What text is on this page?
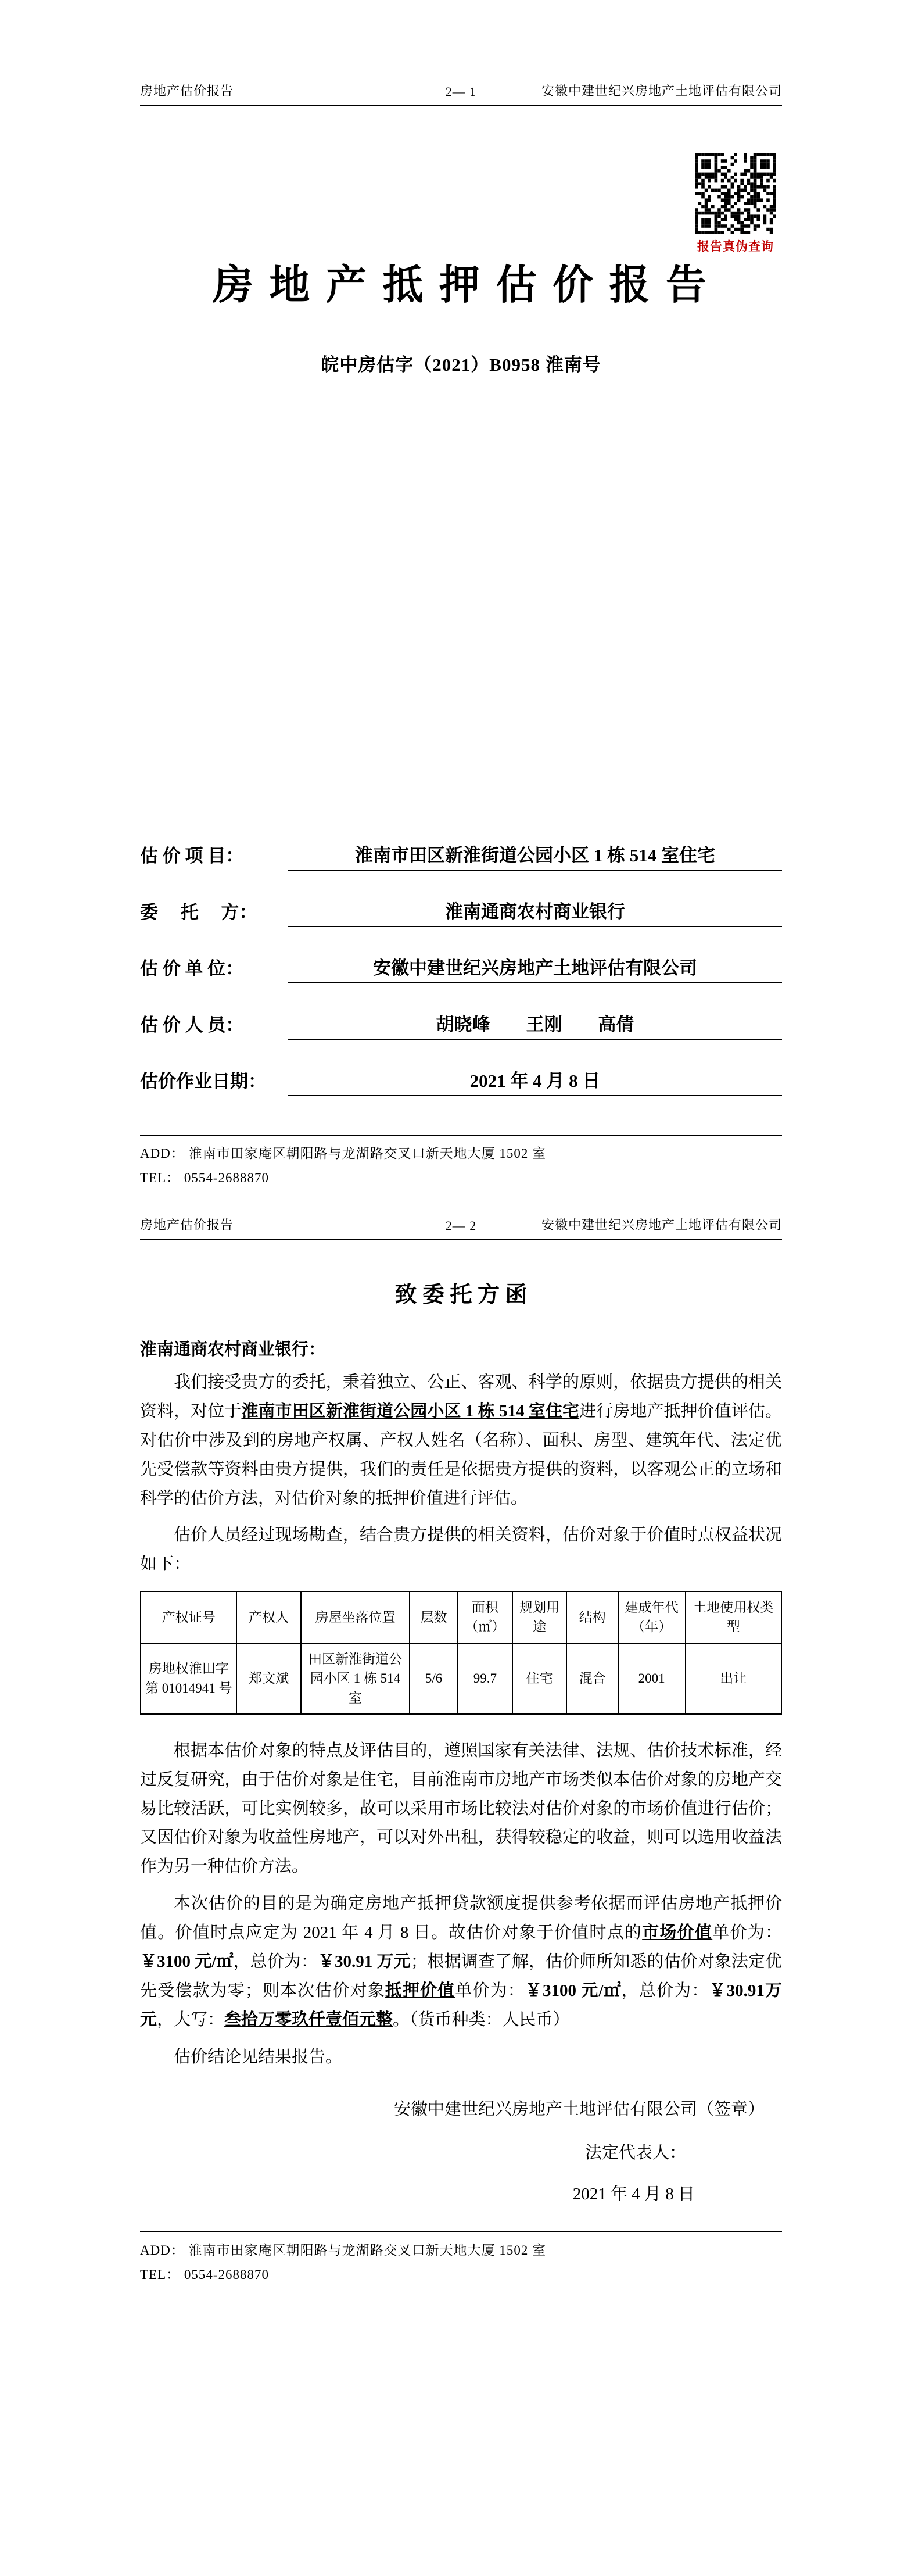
房地产估价报告	2— 1	安徽中建世纪兴房地产土地评估有限公司
报告真伪查询
房 地 产 抵 押 估 价 报 告
皖中房估字（2021）B0958 淮南号
估 价 项 目：	淮南市田区新淮街道公园小区 1 栋 514 室住宅
委　 托　 方：	淮南通商农村商业银行
估 价 单 位：	安徽中建世纪兴房地产土地评估有限公司
估 价 人 员：	胡晓峰　　王刚　　高倩
估价作业日期：	2021 年 4 月 8 日
ADD： 淮南市田家庵区朝阳路与龙湖路交叉口新天地大厦 1502 室
TEL： 0554-2688870
房地产估价报告	2— 2	安徽中建世纪兴房地产土地评估有限公司
致 委 托 方 函
淮南通商农村商业银行：

我们接受贵方的委托，秉着独立、公正、客观、科学的原则，依据贵方提供的相关资料，对位于淮南市田区新淮街道公园小区 1 栋 514 室住宅进行房地产抵押价值评估。对估价中涉及到的房地产权属、产权人姓名（名称）、面积、房型、建筑年代、法定优先受偿款等资料由贵方提供，我们的责任是依据贵方提供的资料，以客观公正的立场和科学的估价方法，对估价对象的抵押价值进行评估。

估价人员经过现场勘查，结合贵方提供的相关资料，估价对象于价值时点权益状况如下：

产权证号	产权人	房屋坐落位置	层数	面积（㎡）	规划用途	结构	建成年代（年）	土地使用权类型
房地权淮田字第 01014941 号	郑文斌	田区新淮街道公园小区 1 栋 514 室	5/6	99.7	住宅	混合	2001	出让

根据本估价对象的特点及评估目的，遵照国家有关法律、法规、估价技术标准，经过反复研究，由于估价对象是住宅，目前淮南市房地产市场类似本估价对象的房地产交易比较活跃，可比实例较多，故可以采用市场比较法对估价对象的市场价值进行估价；又因估价对象为收益性房地产，可以对外出租，获得较稳定的收益，则可以选用收益法作为另一种估价方法。

本次估价的目的是为确定房地产抵押贷款额度提供参考依据而评估房地产抵押价值。价值时点应定为 2021 年 4 月 8 日。故估价对象于价值时点的市场价值单价为：￥3100 元/㎡，总价为：￥30.91 万元；根据调查了解，估价师所知悉的估价对象法定优先受偿款为零；则本次估价对象抵押价值单价为：￥3100 元/㎡，总价为：￥30.91万元，大写：叁拾万零玖仟壹佰元整。（货币种类：人民币）

估价结论见结果报告。

安徽中建世纪兴房地产土地评估有限公司（签章）
法定代表人：
2021 年 4 月 8 日
ADD： 淮南市田家庵区朝阳路与龙湖路交叉口新天地大厦 1502 室
TEL： 0554-2688870
